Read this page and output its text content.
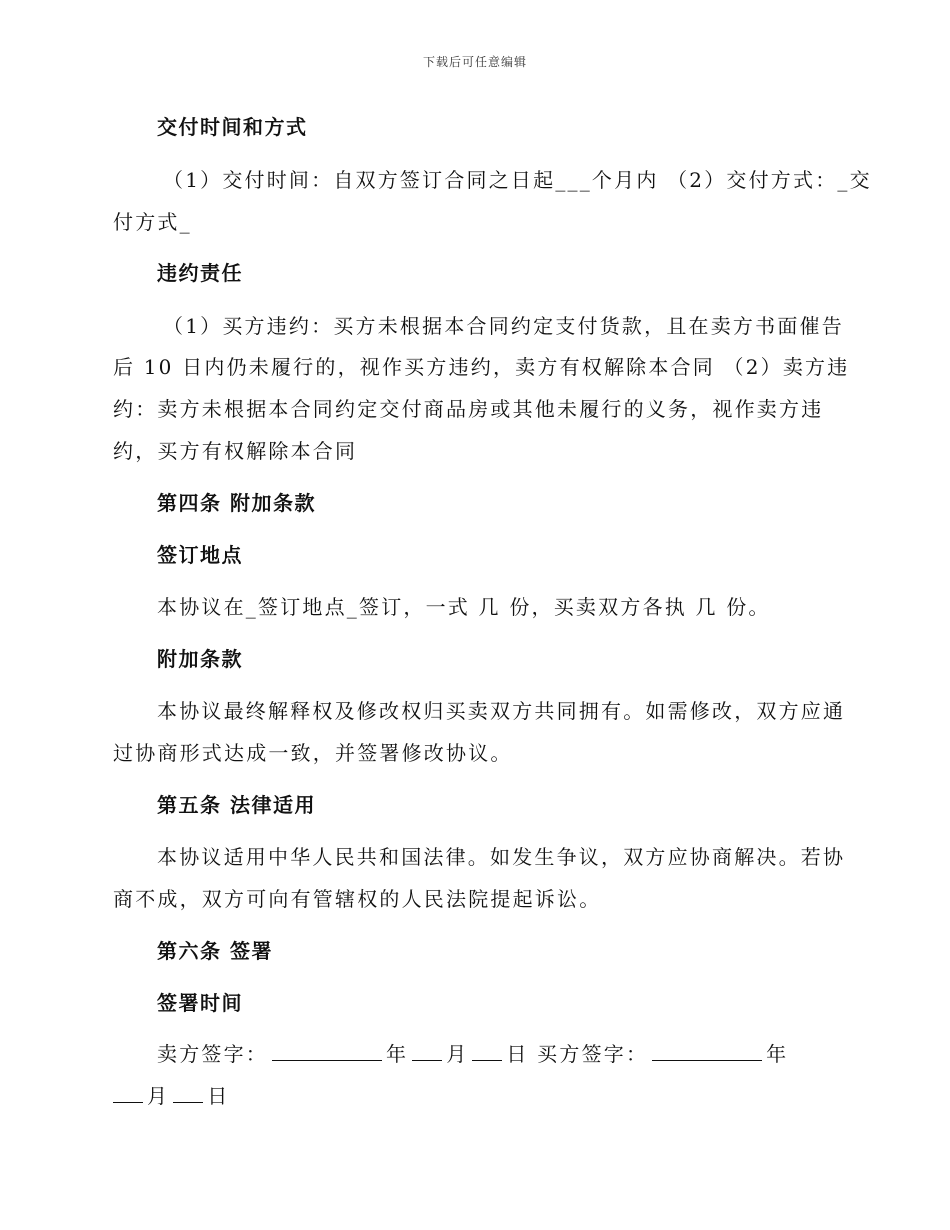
下载后可任意编辑
交付时间和方式
（1）交付时间：自双方签订合同之日起___个月内 （2）交付方式：_交
付方式_
违约责任
（1）买方违约：买方未根据本合同约定支付货款，且在卖方书面催告
后 10 日内仍未履行的，视作买方违约，卖方有权解除本合同 （2）卖方违
约：卖方未根据本合同约定交付商品房或其他未履行的义务，视作卖方违
约，买方有权解除本合同
第四条 附加条款
签订地点
本协议在_签订地点_签订，一式 几 份，买卖双方各执 几 份。
附加条款
本协议最终解释权及修改权归买卖双方共同拥有。如需修改，双方应通
过协商形式达成一致，并签署修改协议。
第五条 法律适用
本协议适用中华人民共和国法律。如发生争议，双方应协商解决。若协
商不成，双方可向有管辖权的人民法院提起诉讼。
第六条 签署
签署时间
卖方签字：	年 月 日 买方签字：	年
月 日
